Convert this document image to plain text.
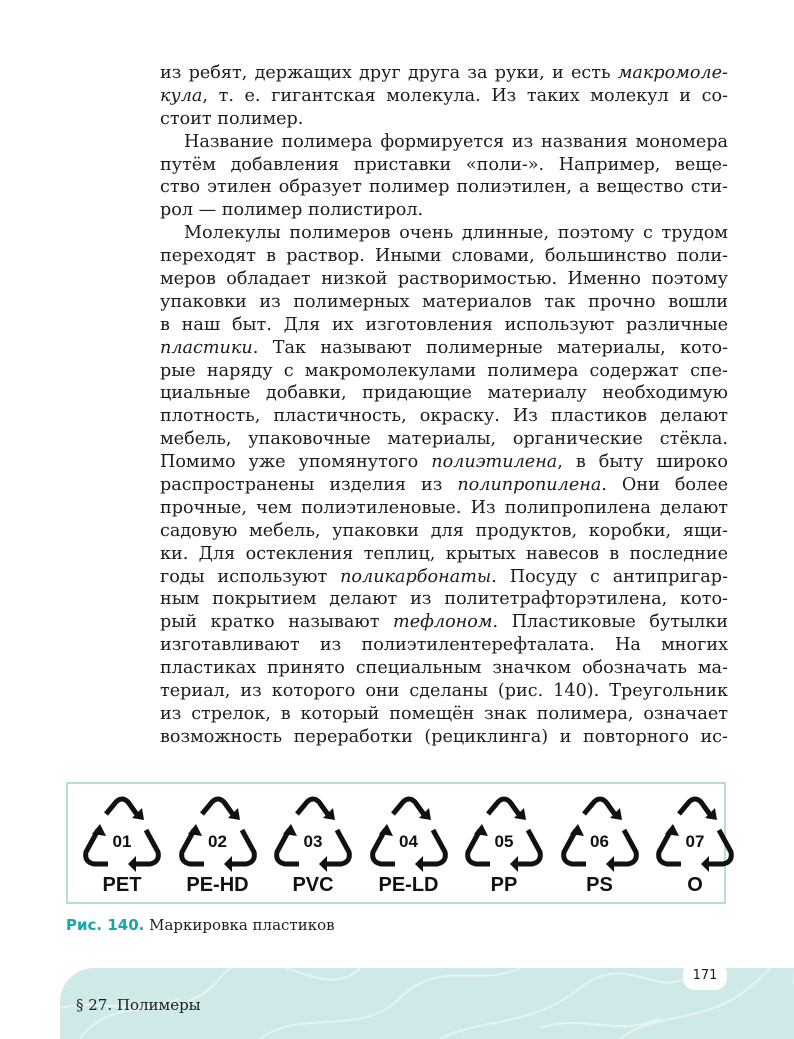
из ребят, держащих друг друга за руки, и есть макромоле-
кула, т. е. гигантская молекула. Из таких молекул и со-
стоит полимер.
Название полимера формируется из названия мономера
путём добавления приставки «поли-». Например, веще-
ство этилен образует полимер полиэтилен, а вещество сти-
рол — полимер полистирол.
Молекулы полимеров очень длинные, поэтому с трудом
переходят в раствор. Иными словами, большинство поли-
меров обладает низкой растворимостью. Именно поэтому
упаковки из полимерных материалов так прочно вошли
в наш быт. Для их изготовления используют различные
пластики. Так называют полимерные материалы, кото-
рые наряду с макромолекулами полимера содержат спе-
циальные добавки, придающие материалу необходимую
плотность, пластичность, окраску. Из пластиков делают
мебель, упаковочные материалы, органические стёкла.
Помимо уже упомянутого полиэтилена, в быту широко
распространены изделия из полипропилена. Они более
прочные, чем полиэтиленовые. Из полипропилена делают
садовую мебель, упаковки для продуктов, коробки, ящи-
ки. Для остекления теплиц, крытых навесов в последние
годы используют поликарбонаты. Посуду с антипригар-
ным покрытием делают из политетрафторэтилена, кото-
рый кратко называют тефлоном. Пластиковые бутылки
изготавливают из полиэтилентерефталата. На многих
пластиках принято специальным значком обозначать ма-
териал, из которого они сделаны (рис. 140). Треугольник
из стрелок, в который помещён знак полимера, означает
возможность переработки (рециклинга) и повторного ис-
01
PET
02
PE-HD
03
PVC
04
PE-LD
05
PP
06
PS
07
O
Рис. 140. Маркировка пластиков
171
§ 27. Полимеры
